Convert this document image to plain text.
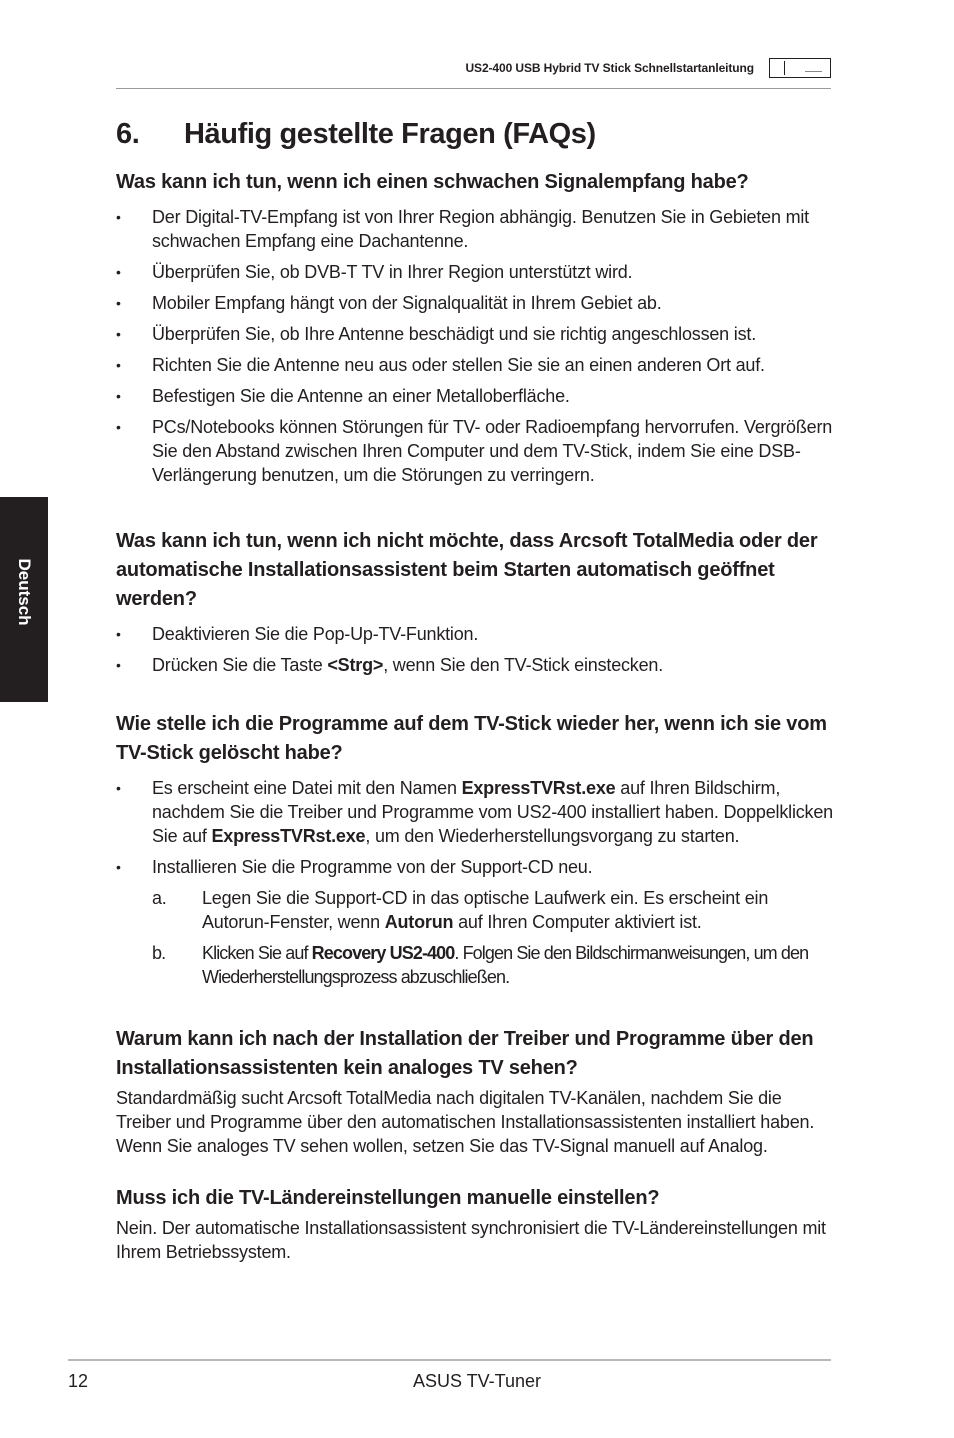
US2-400 USB Hybrid TV Stick Schnellstartanleitung
Deutsch
6.	Häufig gestellte Fragen (FAQs)
Was kann ich tun, wenn ich einen schwachen Signalempfang habe?
• Der Digital-TV-Empfang ist von Ihrer Region abhängig. Benutzen Sie in Gebieten mit schwachen Empfang eine Dachantenne.
• Überprüfen Sie, ob DVB-T TV in Ihrer Region unterstützt wird.
• Mobiler Empfang hängt von der Signalqualität in Ihrem Gebiet ab.
• Überprüfen Sie, ob Ihre Antenne beschädigt und sie richtig angeschlossen ist.
• Richten Sie die Antenne neu aus oder stellen Sie sie an einen anderen Ort auf.
• Befestigen Sie die Antenne an einer Metalloberfläche.
• PCs/Notebooks können Störungen für TV- oder Radioempfang hervorrufen. Vergrößern Sie den Abstand zwischen Ihren Computer und dem TV-Stick, indem Sie eine DSB-Verlängerung benutzen, um die Störungen zu verringern.
Was kann ich tun, wenn ich nicht möchte, dass Arcsoft TotalMedia oder der automatische Installationsassistent beim Starten automatisch geöffnet werden?
• Deaktivieren Sie die Pop-Up-TV-Funktion.
• Drücken Sie die Taste <Strg>, wenn Sie den TV-Stick einstecken.
Wie stelle ich die Programme auf dem TV-Stick wieder her, wenn ich sie vom TV-Stick gelöscht habe?
• Es erscheint eine Datei mit den Namen ExpressTVRst.exe auf Ihren Bildschirm, nachdem Sie die Treiber und Programme vom US2-400 installiert haben. Doppelklicken Sie auf ExpressTVRst.exe, um den Wiederherstellungsvorgang zu starten.
• Installieren Sie die Programme von der Support-CD neu.
a. Legen Sie die Support-CD in das optische Laufwerk ein. Es erscheint ein Autorun-Fenster, wenn Autorun auf Ihren Computer aktiviert ist.
b. Klicken Sie auf Recovery US2-400. Folgen Sie den Bildschirmanweisungen, um den Wiederherstellungsprozess abzuschließen.
Warum kann ich nach der Installation der Treiber und Programme über den Installationsassistenten kein analoges TV sehen?

Standardmäßig sucht Arcsoft TotalMedia nach digitalen TV-Kanälen, nachdem Sie die Treiber und Programme über den automatischen Installationsassistenten installiert haben. Wenn Sie analoges TV sehen wollen, setzen Sie das TV-Signal manuell auf Analog.

Muss ich die TV-Ländereinstellungen manuelle einstellen?

Nein. Der automatische Installationsassistent synchronisiert die TV-Ländereinstellungen mit Ihrem Betriebssystem.

12	ASUS TV-Tuner
